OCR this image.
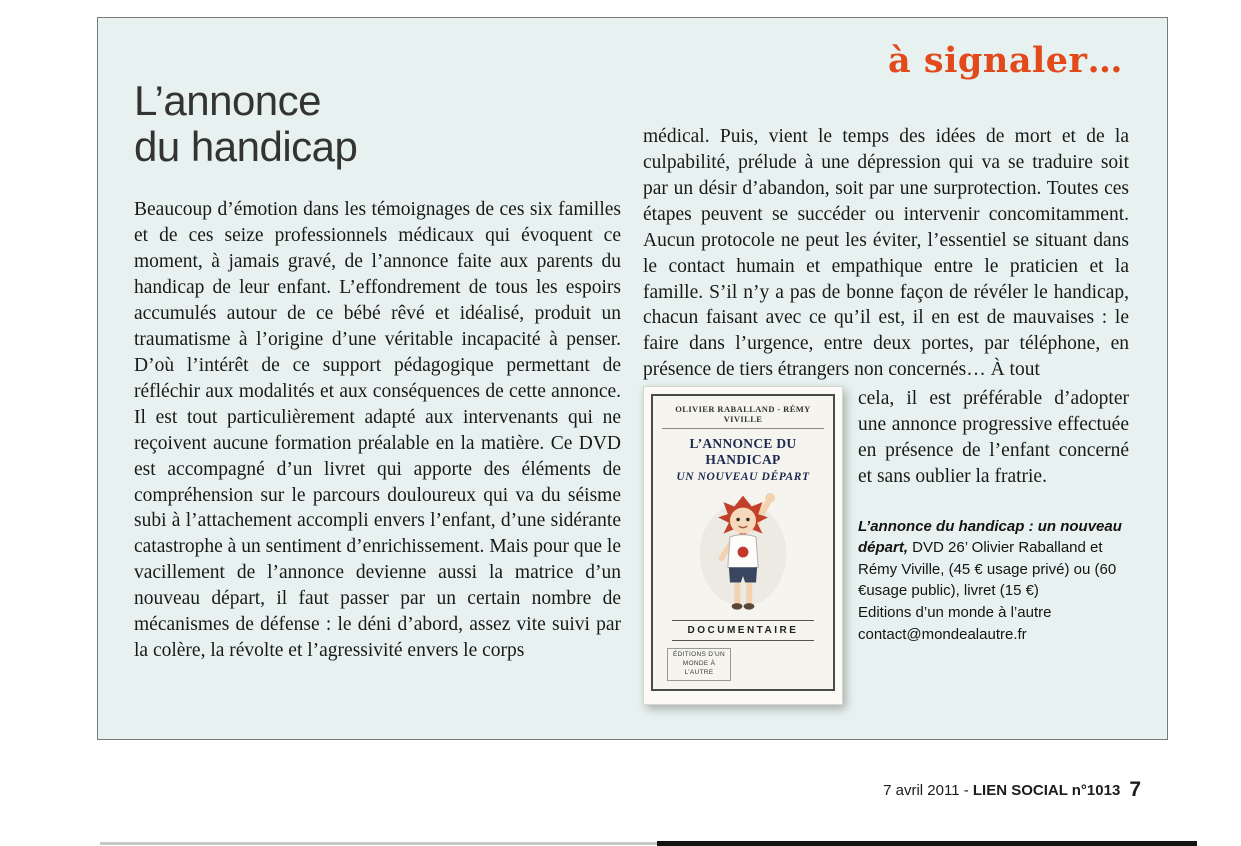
à signaler…
L’annonce
du handicap

Beaucoup d’émotion dans les témoignages de ces six familles et de ces seize professionnels médicaux qui évoquent ce moment, à jamais gravé, de l’annonce faite aux parents du handicap de leur enfant. L’effondrement de tous les espoirs accumulés autour de ce bébé rêvé et idéalisé, produit un traumatisme à l’origine d’une véritable incapacité à penser. D’où l’intérêt de ce support pédagogique permettant de réfléchir aux modalités et aux conséquences de cette annonce. Il est tout particulièrement adapté aux intervenants qui ne reçoivent aucune formation préalable en la matière. Ce DVD est accompagné d’un livret qui apporte des éléments de compréhension sur le parcours douloureux qui va du séisme subi à l’attachement accompli envers l’enfant, d’une sidérante catastrophe à un sentiment d’enrichissement. Mais pour que le vacillement de l’annonce devienne aussi la matrice d’un nouveau départ, il faut passer par un certain nombre de mécanismes de défense : le déni d’abord, assez vite suivi par la colère, la révolte et l’agressivité envers le corps

médical. Puis, vient le temps des idées de mort et de la culpabilité, prélude à une dépression qui va se traduire soit par un désir d’abandon, soit par une surprotection. Toutes ces étapes peuvent se succéder ou intervenir concomitamment. Aucun protocole ne peut les éviter, l’essentiel se situant dans le contact humain et empathique entre le praticien et la famille. S’il n’y a pas de bonne façon de révéler le handicap, chacun faisant avec ce qu’il est, il en est de mauvaises : le faire dans l’urgence, entre deux portes, par téléphone, en présence de tiers étrangers non concernés… À tout

OLIVIER RABALLAND - RÉMY VIVILLE
L’ANNONCE DU HANDICAP
UN NOUVEAU DÉPART
DOCUMENTAIRE
ÉDITIONS D’UN MONDE À L’AUTRE

cela, il est préférable d’adopter une annonce progressive effectuée en présence de l’enfant concerné et sans oublier la fratrie.

L’annonce du handicap : un nouveau départ, DVD 26’ Olivier Raballand et Rémy Viville, (45 € usage privé) ou (60 €usage public), livret (15 €)

Editions d’un monde à l’autre
contact@mondealautre.fr
7 avril 2011 - LIEN SOCIAL n°1013 7
